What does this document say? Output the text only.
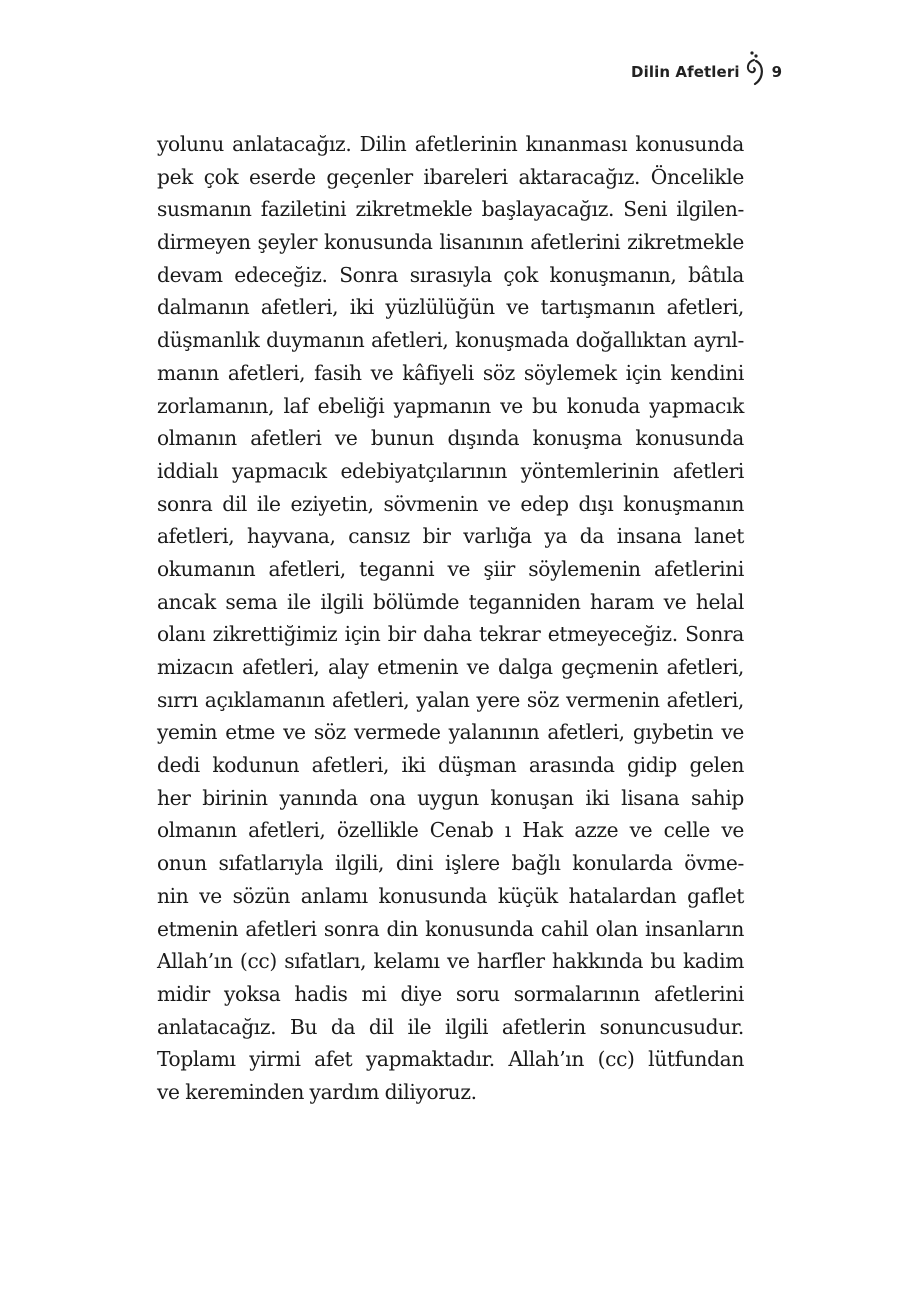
Dilin Afetleri 9
yolunu anlatacağız. Dilin afetlerinin kınanması konusunda
pek çok eserde geçenler ibareleri aktaracağız. Öncelikle
susmanın faziletini zikretmekle başlayacağız. Seni ilgilen-
dirmeyen şeyler konusunda lisanının afetlerini zikretmekle
devam edeceğiz. Sonra sırasıyla çok konuşmanın, bâtıla
dalmanın afetleri, iki yüzlülüğün ve tartışmanın afetleri,
düşmanlık duymanın afetleri, konuşmada doğallıktan ayrıl-
manın afetleri, fasih ve kâfiyeli söz söylemek için kendini
zorlamanın, laf ebeliği yapmanın ve bu konuda yapmacık
olmanın afetleri ve bunun dışında konuşma konusunda
iddialı yapmacık edebiyatçılarının yöntemlerinin afetleri
sonra dil ile eziyetin, sövmenin ve edep dışı konuşmanın
afetleri, hayvana, cansız bir varlığa ya da insana lanet
okumanın afetleri, teganni ve şiir söylemenin afetlerini
ancak sema ile ilgili bölümde teganniden haram ve helal
olanı zikrettiğimiz için bir daha tekrar etmeyeceğiz. Sonra
mizacın afetleri, alay etmenin ve dalga geçmenin afetleri,
sırrı açıklamanın afetleri, yalan yere söz vermenin afetleri,
yemin etme ve söz vermede yalanının afetleri, gıybetin ve
dedi kodunun afetleri, iki düşman arasında gidip gelen
her birinin yanında ona uygun konuşan iki lisana sahip
olmanın afetleri, özellikle Cenab ı Hak azze ve celle ve
onun sıfatlarıyla ilgili, dini işlere bağlı konularda övme-
nin ve sözün anlamı konusunda küçük hatalardan gaflet
etmenin afetleri sonra din konusunda cahil olan insanların
Allah’ın (cc) sıfatları, kelamı ve harfler hakkında bu kadim
midir yoksa hadis mi diye soru sormalarının afetlerini
anlatacağız. Bu da dil ile ilgili afetlerin sonuncusudur.
Toplamı yirmi afet yapmaktadır. Allah’ın (cc) lütfundan
ve kereminden yardım diliyoruz.
